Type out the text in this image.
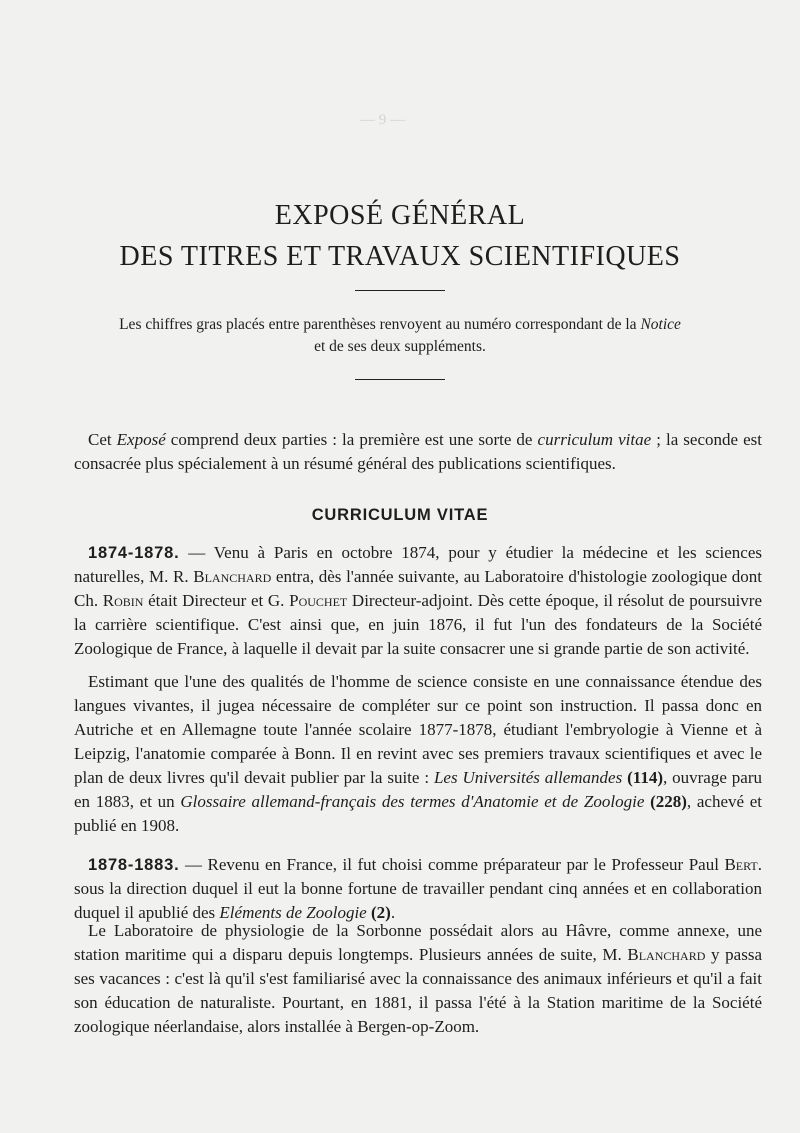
— 9 —
EXPOSÉ GÉNÉRAL
DES TITRES ET TRAVAUX SCIENTIFIQUES
Les chiffres gras placés entre parenthèses renvoyent au numéro correspondant de la Notice
et de ses deux suppléments.
Cet Exposé comprend deux parties : la première est une sorte de curriculum vitae ; la seconde est consacrée plus spécialement à un résumé général des publications scientifiques.
CURRICULUM VITAE
1874-1878. — Venu à Paris en octobre 1874, pour y étudier la médecine et les sciences naturelles, M. R. Blanchard entra, dès l'année suivante, au Laboratoire d'histologie zoologique dont Ch. Robin était Directeur et G. Pouchet Directeur-adjoint. Dès cette époque, il résolut de poursuivre la carrière scientifique. C'est ainsi que, en juin 1876, il fut l'un des fondateurs de la Société Zoologique de France, à laquelle il devait par la suite consacrer une si grande partie de son activité.
Estimant que l'une des qualités de l'homme de science consiste en une connaissance étendue des langues vivantes, il jugea nécessaire de compléter sur ce point son instruction. Il passa donc en Autriche et en Allemagne toute l'année scolaire 1877-1878, étudiant l'embryologie à Vienne et à Leipzig, l'anatomie comparée à Bonn. Il en revint avec ses premiers travaux scientifiques et avec le plan de deux livres qu'il devait publier par la suite : Les Universités allemandes (114), ouvrage paru en 1883, et un Glossaire allemand-français des termes d'Anatomie et de Zoologie (228), achevé et publié en 1908.
1878-1883. — Revenu en France, il fut choisi comme préparateur par le Professeur Paul Bert. sous la direction duquel il eut la bonne fortune de travailler pendant cinq années et en collaboration duquel il apublié des Eléments de Zoologie (2).
Le Laboratoire de physiologie de la Sorbonne possédait alors au Hâvre, comme annexe, une station maritime qui a disparu depuis longtemps. Plusieurs années de suite, M. Blanchard y passa ses vacances : c'est là qu'il s'est familiarisé avec la connaissance des animaux inférieurs et qu'il a fait son éducation de naturaliste. Pourtant, en 1881, il passa l'été à la Station maritime de la Société zoologique néerlandaise, alors installée à Bergen-op-Zoom.
